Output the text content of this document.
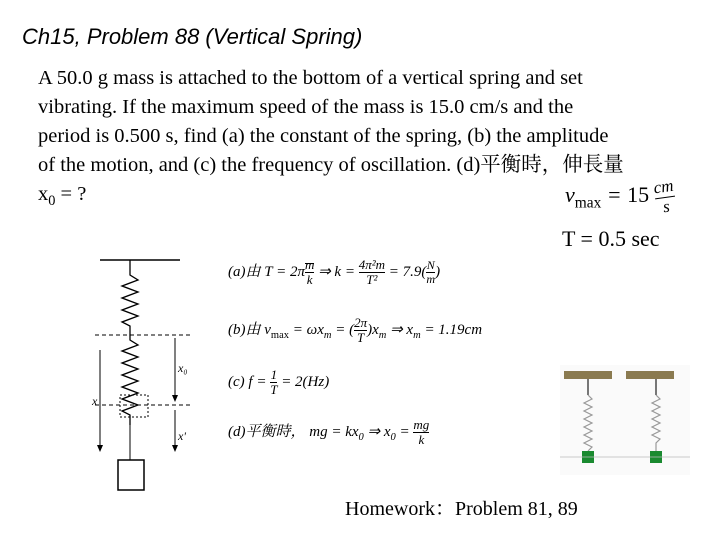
Ch15, Problem 88 (Vertical Spring)
A 50.0 g mass is attached to the bottom of a vertical spring and set vibrating. If the maximum speed of the mass is 15.0 cm/s and the period is 0.500 s, find (a) the constant of the spring, (b) the amplitude of the motion, and (c) the frequency of oscillation. (d)平衡時，伸長量 $x_0$ = ?	$v_{max} = 15 \frac{cm}{s}$
T = 0.5 sec
x₀
x
x'
(a)由 $T = 2\pi \frac{m}{k}$ ⇒ $k = \frac{\text{4π²m}}{\text{T²}} = 7.9( \frac{N}{m}$ )
(b)由 $v_{max} = \omega x_m$ = ( $\frac{2\pi}{T} )x_m$ ⇒ $x_m = 1.19cm$
(c) $f = \frac{1}{T} = 2(Hz)$
(d)平衡時， mg = $kx_0$ ⇒ $x_0 = \frac{mg}{k}$
Homework：Problem 81, 89
